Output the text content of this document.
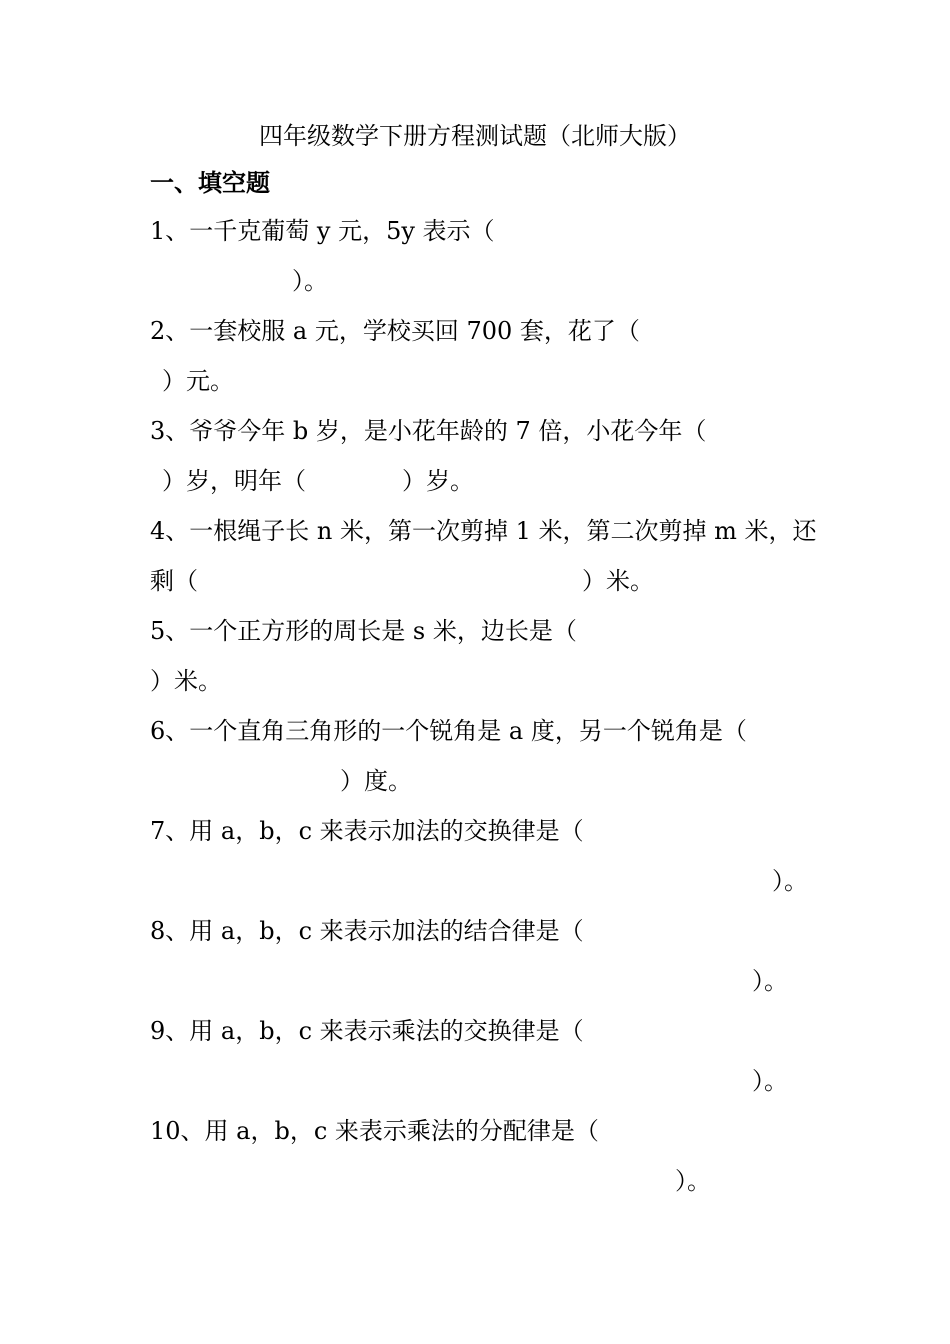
四年级数学下册方程测试题（北师大版）
一、填空题
1、一千克葡萄 y 元，5y 表示（
）。
2、一套校服 a 元，学校买回 700 套，花了（
）元。
3、爷爷今年 b 岁，是小花年龄的 7 倍，小花今年（
）岁，明年（　　　　）岁。
4、一根绳子长 n 米，第一次剪掉 1 米，第二次剪掉 m 米，还
剩（　　　　　　　　　　　　　　　　）米。
5、一个正方形的周长是 s 米，边长是（
）米。
6、一个直角三角形的一个锐角是 a 度，另一个锐角是（
）度。
7、用 a，b，c 来表示加法的交换律是（
）。
8、用 a，b，c 来表示加法的结合律是（
）。
9、用 a，b，c 来表示乘法的交换律是（
）。
10、用 a，b，c 来表示乘法的分配律是（
）。
